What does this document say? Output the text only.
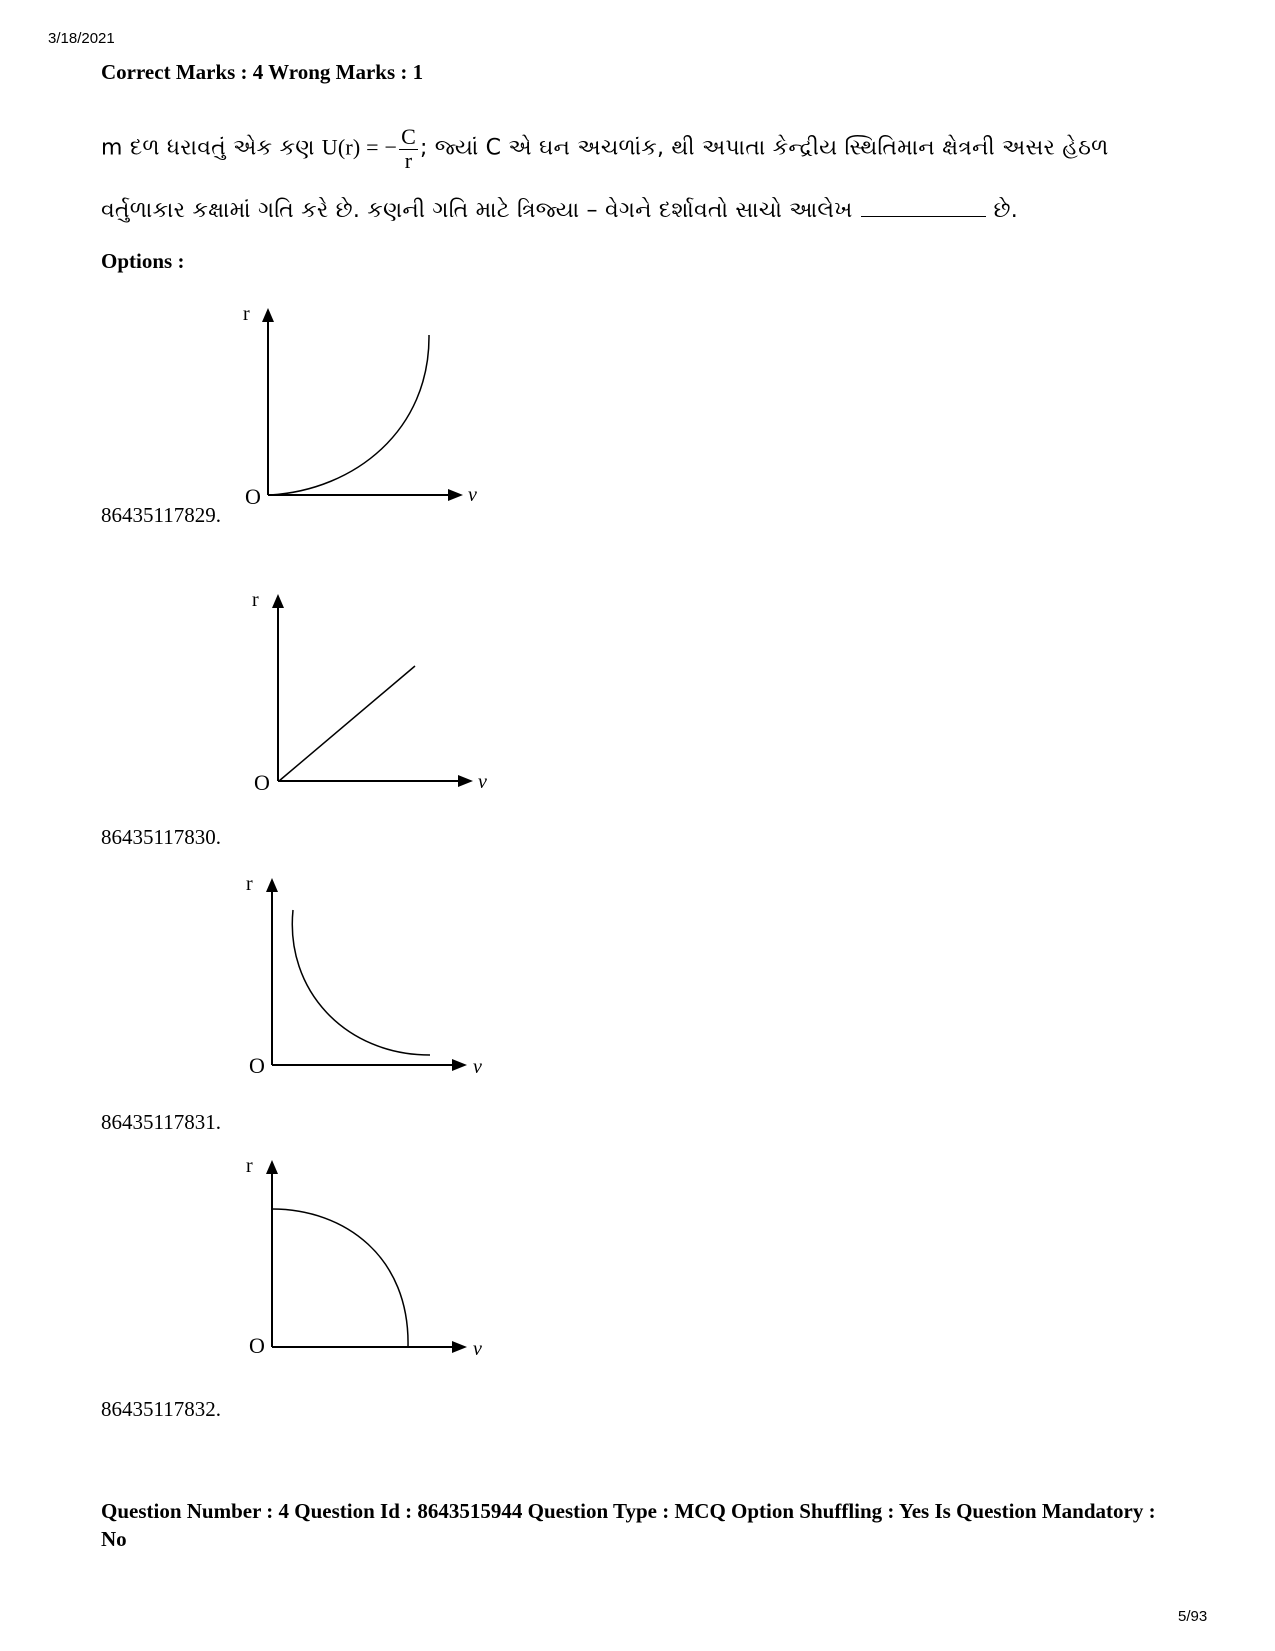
3/18/2021
Correct Marks : 4 Wrong Marks : 1
m દળ ધરાવતું એક કણ U(r) = − $\frac{C}{r}$ ; જ્યાં C એ ઘન અચળાંક, થી અપાતા કેન્દ્રીય સ્થિતિમાન ક્ષેત્રની અસર હેઠળ
વર્તુળાકાર કક્ષામાં ગતિ કરે છે. કણની ગતિ માટે ત્રિજ્યા – વેગને દર્શાવતો સાચો આલેખ	છે.
Options :
r
v
O
86435117829.
r
v
O
86435117830.
r
v
O
86435117831.
r
v
O
86435117832.
Question Number : 4 Question Id : 8643515944 Question Type : MCQ Option Shuffling : Yes Is Question Mandatory : No
5/93
